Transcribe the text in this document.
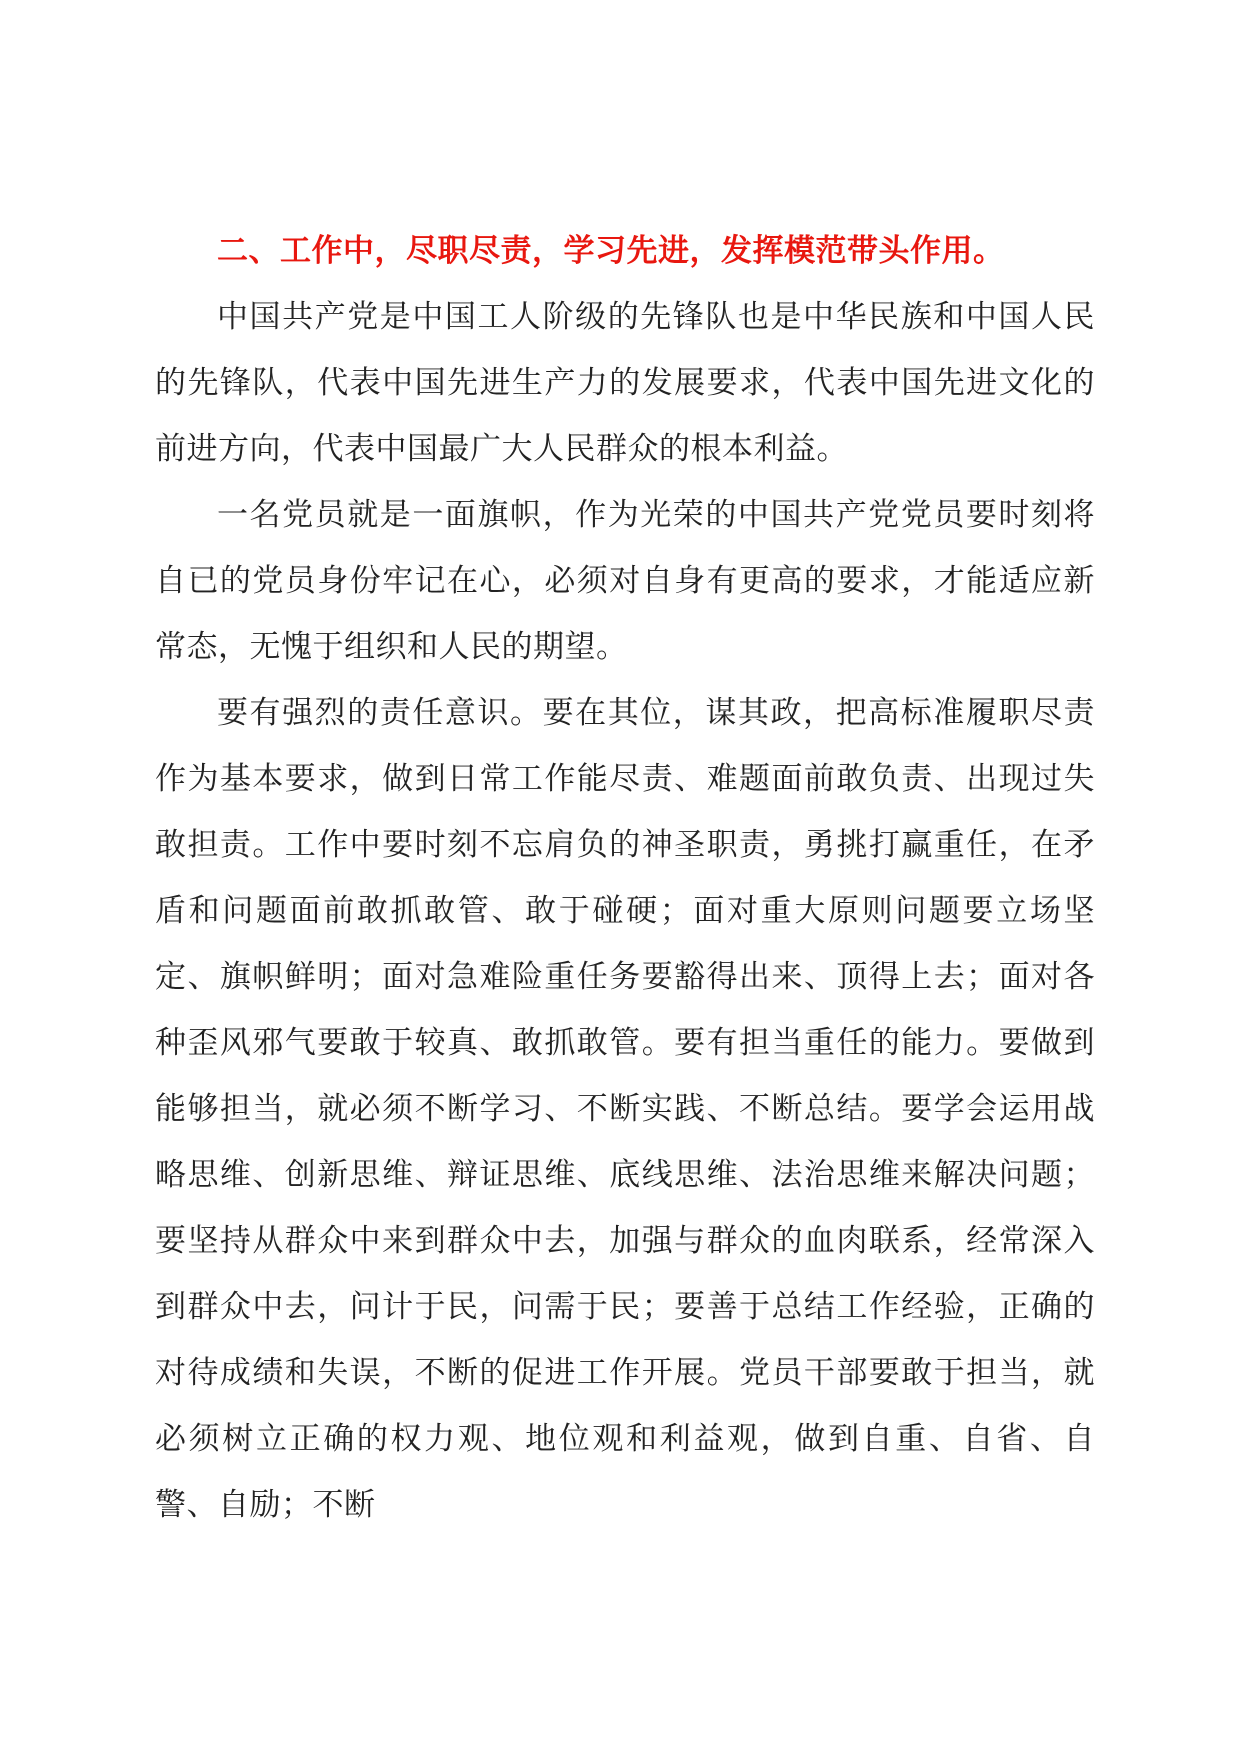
二、工作中，尽职尽责，学习先进，发挥模范带头作用。

中国共产党是中国工人阶级的先锋队也是中华民族和中国人民的先锋队，代表中国先进生产力的发展要求，代表中国先进文化的前进方向，代表中国最广大人民群众的根本利益。

一名党员就是一面旗帜，作为光荣的中国共产党党员要时刻将自已的党员身份牢记在心，必须对自身有更高的要求，才能适应新常态，无愧于组织和人民的期望。

要有强烈的责任意识。要在其位，谋其政，把高标准履职尽责作为基本要求，做到日常工作能尽责、难题面前敢负责、出现过失敢担责。工作中要时刻不忘肩负的神圣职责，勇挑打赢重任，在矛盾和问题面前敢抓敢管、敢于碰硬；面对重大原则问题要立场坚定、旗帜鲜明；面对急难险重任务要豁得出来、顶得上去；面对各种歪风邪气要敢于较真、敢抓敢管。要有担当重任的能力。要做到能够担当，就必须不断学习、不断实践、不断总结。要学会运用战略思维、创新思维、辩证思维、底线思维、法治思维来解决问题；要坚持从群众中来到群众中去，加强与群众的血肉联系，经常深入到群众中去，问计于民，问需于民；要善于总结工作经验，正确的对待成绩和失误，不断的促进工作开展。党员干部要敢于担当，就必须树立正确的权力观、地位观和利益观，做到自重、自省、自警、自励；不断
